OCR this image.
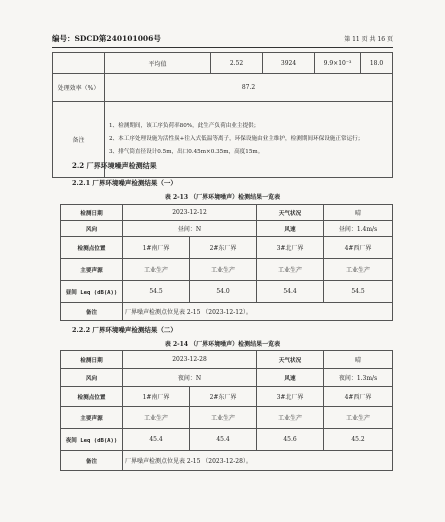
编号：SDCD第240101006号	第 11 页 共 16 页
	平均值	2.52	3924	9.9×10⁻³	18.0
处理效率（%）	87.2				
备注	1、检测期间，该工序负荷率80%，此生产负荷由业主提供；
2、本工序处理设施为活性炭+往入式低温等离子，环保设施由业主维护，检测期间环保设施正常运行；
3、排气筒直径设计0.5m，出口0.45m×0.35m，高度15m。				
2.2 厂界环境噪声检测结果
2.2.1 厂界环境噪声检测结果（一）
表 2-13 （厂界环境噪声）检测结果一览表
检测日期	2023-12-12		天气状况	晴
风向	昼间：N		风速	昼间：1.4m/s
检测点位置	1#南厂界	2#东厂界	3#北厂界	4#西厂界
主要声源	工业生产	工业生产	工业生产	工业生产
昼间 Leq (dB(A))	54.5	54.0	54.4	54.5
备注	厂界噪声检测点位见表 2-15 （2023-12-12）。			
2.2.2 厂界环境噪声检测结果（二）
表 2-14 （厂界环境噪声）检测结果一览表
检测日期	2023-12-28		天气状况	晴
风向	夜间：N		风速	夜间：1.3m/s
检测点位置	1#南厂界	2#东厂界	3#北厂界	4#西厂界
主要声源	工业生产	工业生产	工业生产	工业生产
夜间 Leq (dB(A))	45.4	45.4	45.6	45.2
备注	厂界噪声检测点位见表 2-15 （2023-12-28）。			
